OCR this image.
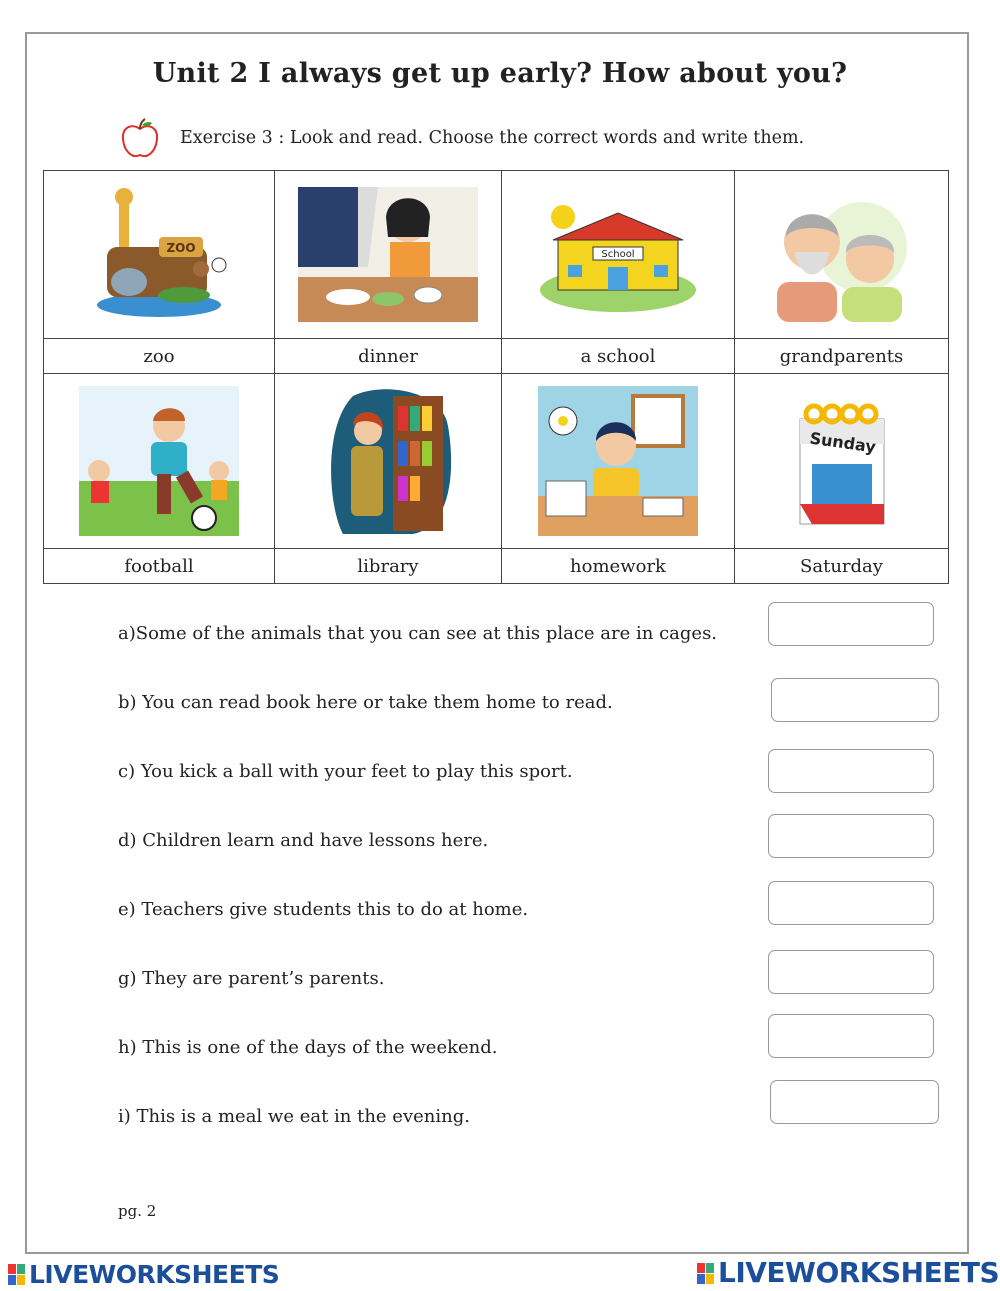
Unit 2 I always get up early? How about you?
Exercise 3 : Look and read. Choose the correct words and write them.
ZOO		School

zoo	dinner	a school	grandparents

Sunday

football	library	homework	Saturday
a)Some of the animals that you can see at this place are in cages.
b) You can read book here or take them home to read.
c) You kick a ball with your feet to play this sport.
d) Children learn and have lessons here.
e) Teachers give students this to do at home.
g) They are parent’s parents.
h) This is one of the days of the weekend.
i) This is a meal we eat in the evening.
pg. 2
LIVEWORKSHEETS	LIVEWORKSHEETS
